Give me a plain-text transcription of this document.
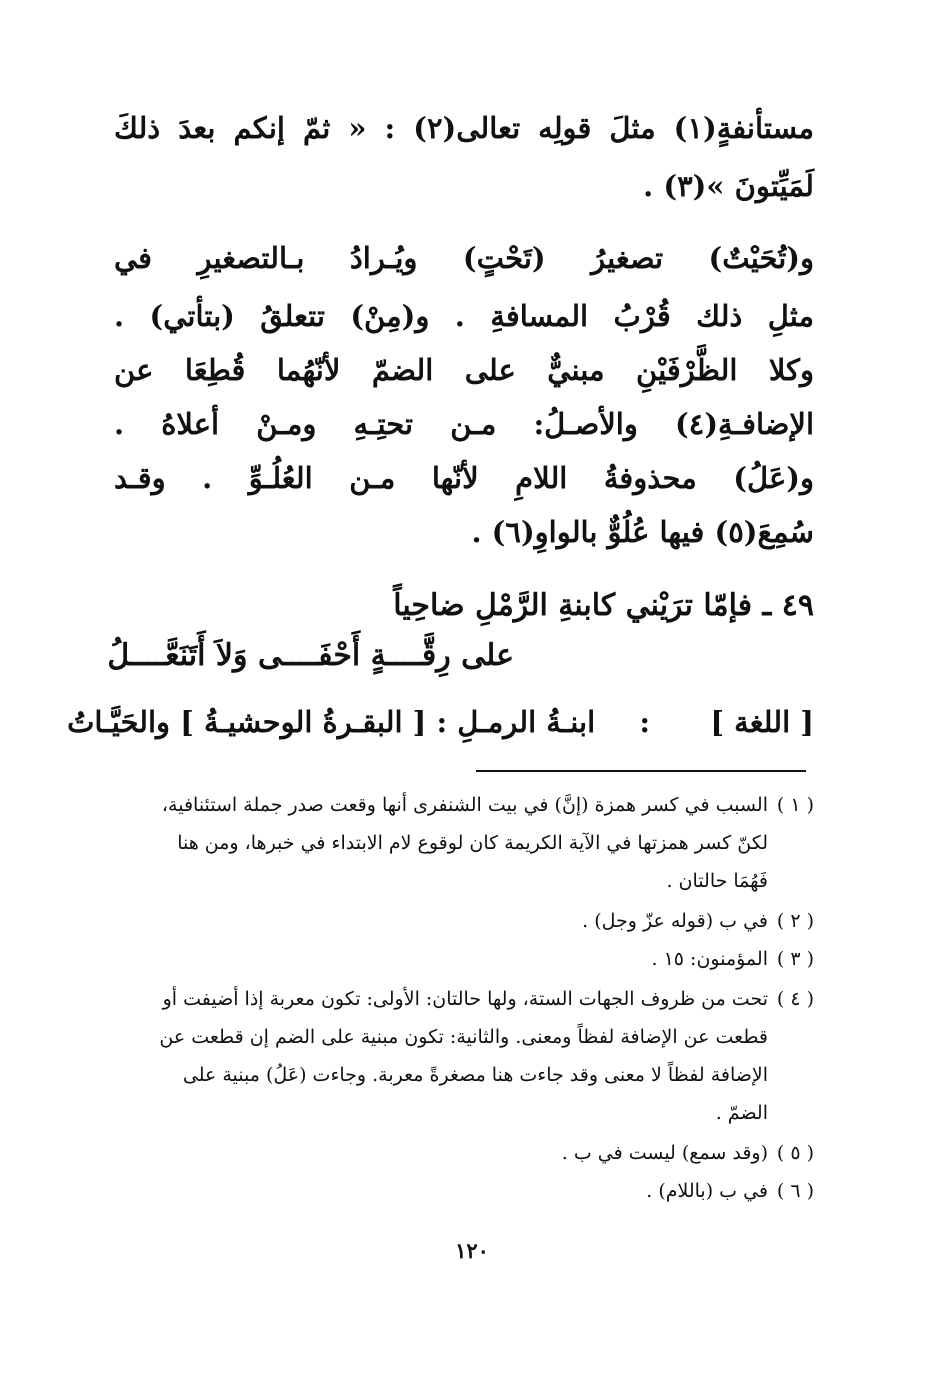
مستأنفةٍ(١) مثلَ قولِه تعالى(٢) : « ثمّ إنكم بعدَ ذلكَ
لَمَيِّتونَ »(٣) .
و(تُحَيْتٌ) تصغيرُ (تَحْتٍ) ويُـرادُ بـالتصغيرِ في
مثلِ ذلك قُرْبُ المسافةِ . و(مِنْ) تتعلقُ (بتأتي) .
وكلا الظَّرْفَيْنِ مبنيٌّ على الضمّ لأنّهُما قُطِعَا عن
الإضافـةِ(٤) والأصـلُ: مـن تحتِـهِ ومـنْ أعلاهُ .
و(عَلُ) محذوفةُ اللامِ لأنّها مـن العُلُـوِّ . وقـد
سُمِعَ(٥) فيها عُلُوٌّ بالواوِ(٦) .
٤٩ ـ فإمّا ترَيْني كابنةِ الرَّمْلِ ضاحِياً
على رِقَّــــةٍ أَحْفَــــى وَلاَ أَتَنَعَّــــلُ
[ اللغة ]  :  ابنـةُ الرمـلِ : [ البقـرةُ الوحشيـةُ ] والحَيَّـاتُ
( ١ )السبب في كسر همزة (إنَّ) في بيت الشنفرى أنها وقعت صدر جملة استئنافية،
لكنّ كسر همزتها في الآية الكريمة كان لوقوع لام الابتداء في خبرها، ومن هنا
فَهُمَا حالتان .
( ٢ )في ب (قوله عزّ وجل) .
( ٣ )المؤمنون: ١٥ .
( ٤ )تحت من ظروف الجهات الستة، ولها حالتان: الأولى: تكون معربة إذا أضيفت أو
قطعت عن الإضافة لفظاً ومعنى. والثانية: تكون مبنية على الضم إن قطعت عن
الإضافة لفظاً لا معنى وقد جاءت هنا مصغرةً معربة. وجاءت (عَلُ) مبنية على
الضمّ .
( ٥ )(وقد سمع) ليست في ب .
( ٦ )في ب (باللام) .
١٢٠
